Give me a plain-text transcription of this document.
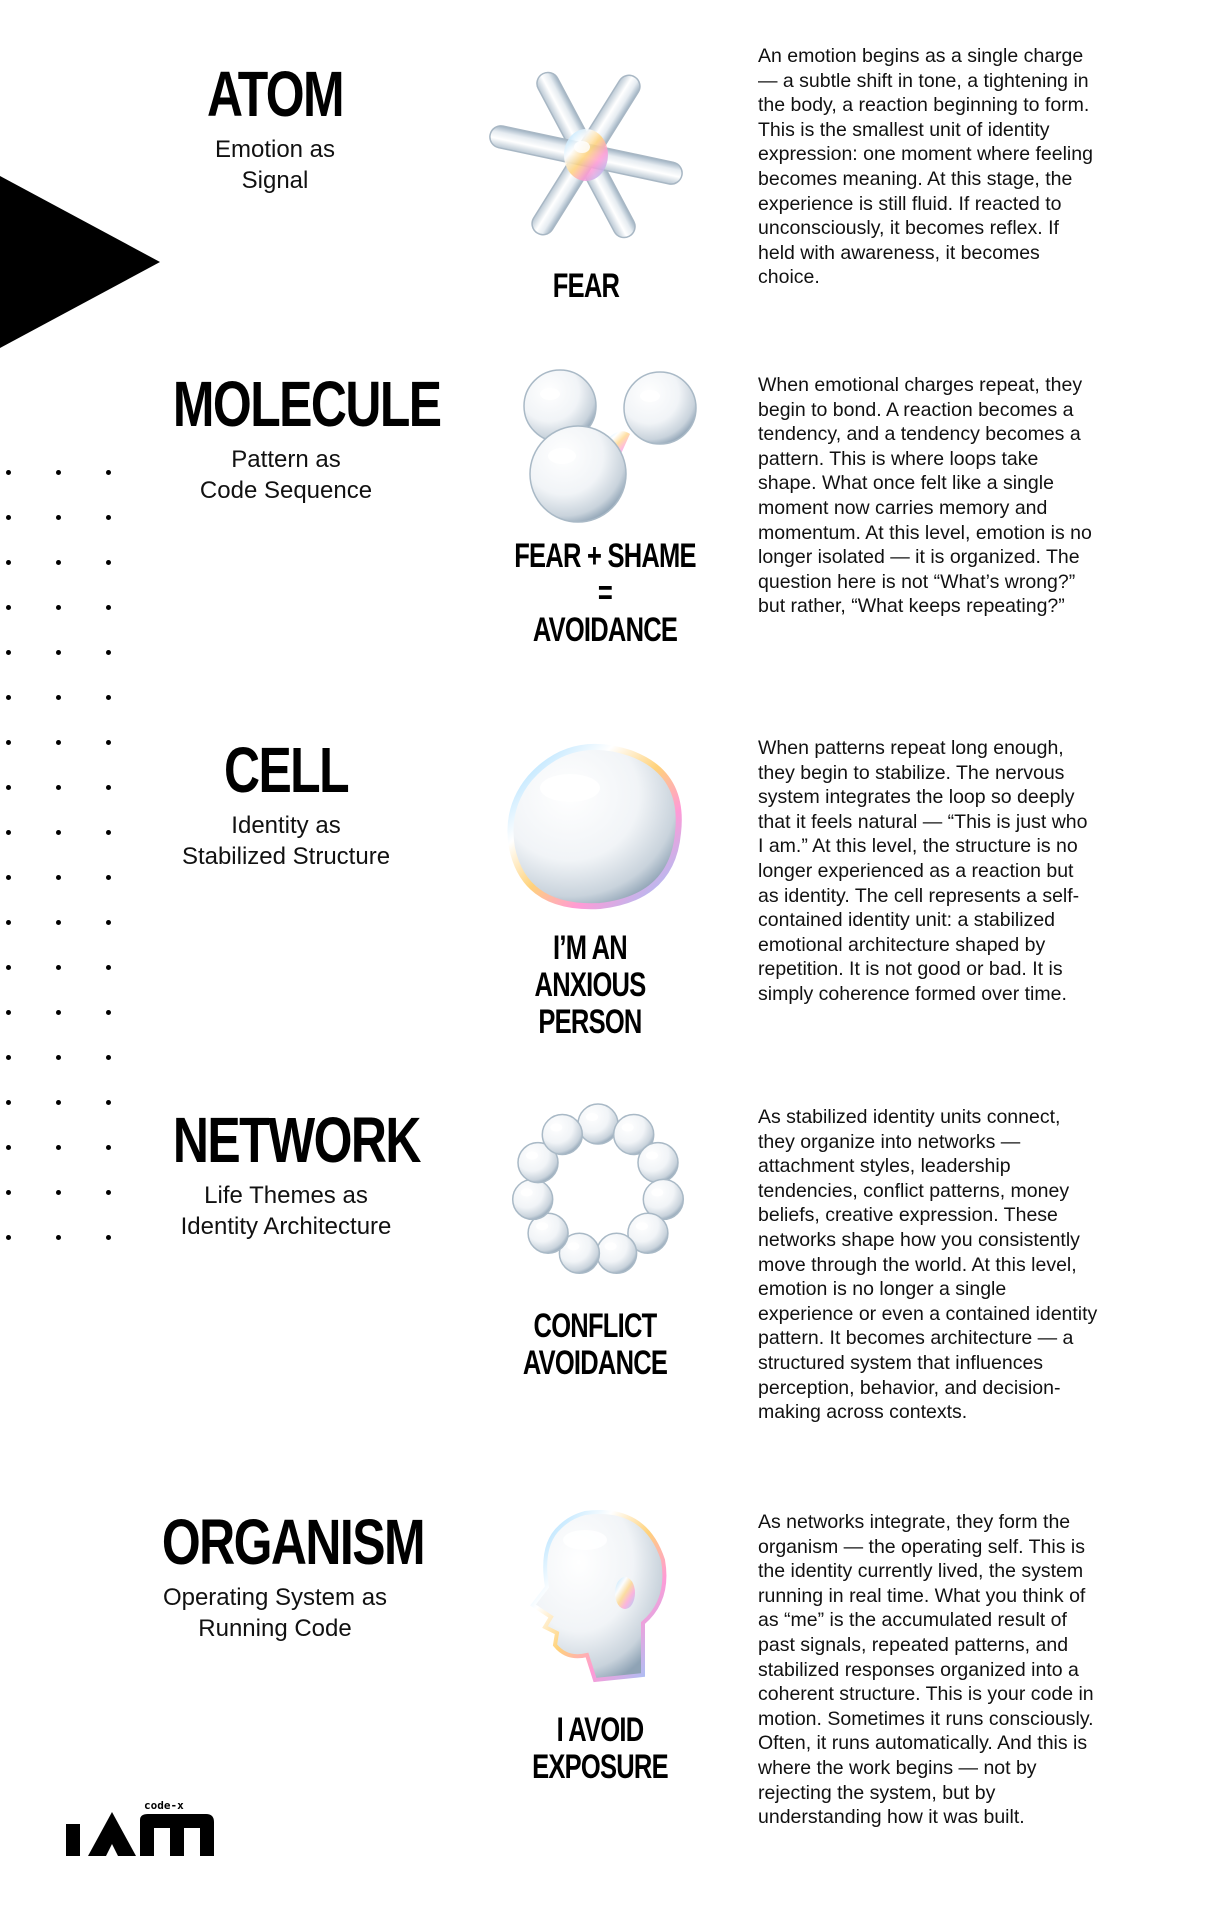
ATOM
Emotion as
Signal
FEAR
An emotion begins as a single charge — a subtle shift in tone, a tightening in the body, a reaction beginning to form. This is the smallest unit of identity expression: one moment where feeling becomes meaning. At this stage, the experience is still fluid. If reacted to unconsciously, it becomes reflex. If held with awareness, it becomes choice.
MOLECULE
Pattern as
Code Sequence
FEAR + SHAME =
AVOIDANCE
When emotional charges repeat, they begin to bond. A reaction becomes a tendency, and a tendency becomes a pattern. This is where loops take shape. What once felt like a single moment now carries memory and momentum. At this level, emotion is no longer isolated — it is organized. The question here is not “What’s wrong?” but rather, “What keeps repeating?”
CELL
Identity as
Stabilized Structure
I’M AN ANXIOUS
PERSON
When patterns repeat long enough, they begin to stabilize. The nervous system integrates the loop so deeply that it feels natural — “This is just who I am.” At this level, the structure is no longer experienced as a reaction but as identity. The cell represents a self-contained identity unit: a stabilized emotional architecture shaped by repetition. It is not good or bad. It is simply coherence formed over time.
NETWORK
Life Themes as
Identity Architecture
CONFLICT AVOIDANCE
As stabilized identity units connect, they organize into networks — attachment styles, leadership tendencies, conflict patterns, money beliefs, creative expression. These networks shape how you consistently move through the world. At this level, emotion is no longer a single experience or even a contained identity pattern. It becomes architecture — a structured system that influences perception, behavior, and decision-making across contexts.
ORGANISM
Operating System as
Running Code
I AVOID EXPOSURE
As networks integrate, they form the organism — the operating self. This is the identity currently lived, the system running in real time. What you think of as “me” is the accumulated result of past signals, repeated patterns, and stabilized responses organized into a coherent structure. This is your code in motion. Sometimes it runs consciously. Often, it runs automatically. And this is where the work begins — not by rejecting the system, but by understanding how it was built.
code-x
